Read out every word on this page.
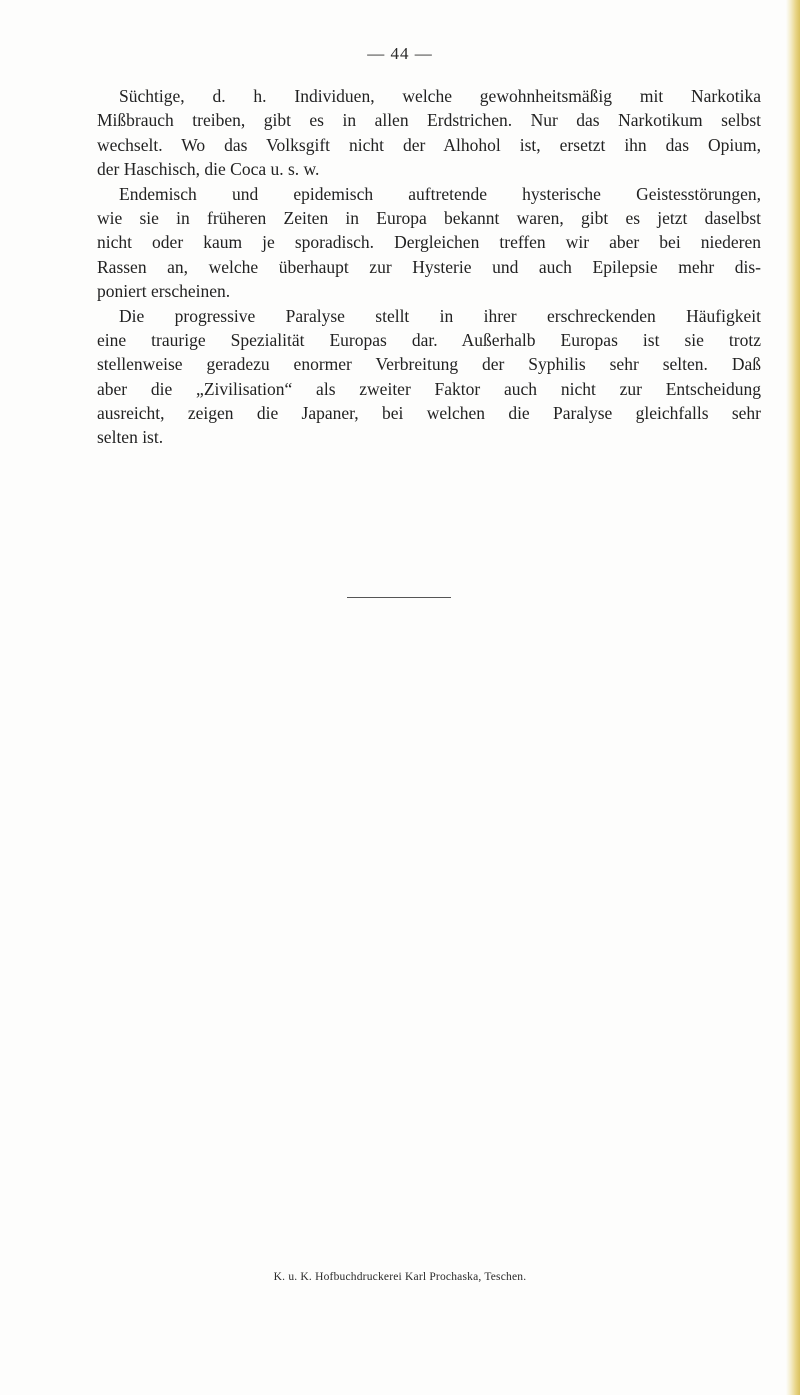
— 44 —
Süchtige, d. h. Individuen, welche gewohnheitsmäßig mit Narkotika
Mißbrauch treiben, gibt es in allen Erdstrichen. Nur das Narkotikum selbst
wechselt. Wo das Volksgift nicht der Alhohol ist, ersetzt ihn das Opium,
der Haschisch, die Coca u. s. w.
Endemisch und epidemisch auftretende hysterische Geistesstörungen,
wie sie in früheren Zeiten in Europa bekannt waren, gibt es jetzt daselbst
nicht oder kaum je sporadisch. Dergleichen treffen wir aber bei niederen
Rassen an, welche überhaupt zur Hysterie und auch Epilepsie mehr dis-
poniert erscheinen.
Die progressive Paralyse stellt in ihrer erschreckenden Häufigkeit
eine traurige Spezialität Europas dar. Außerhalb Europas ist sie trotz
stellenweise geradezu enormer Verbreitung der Syphilis sehr selten. Daß
aber die „Zivilisation“ als zweiter Faktor auch nicht zur Entscheidung
ausreicht, zeigen die Japaner, bei welchen die Paralyse gleichfalls sehr
selten ist.
K. u. K. Hofbuchdruckerei Karl Prochaska, Teschen.
